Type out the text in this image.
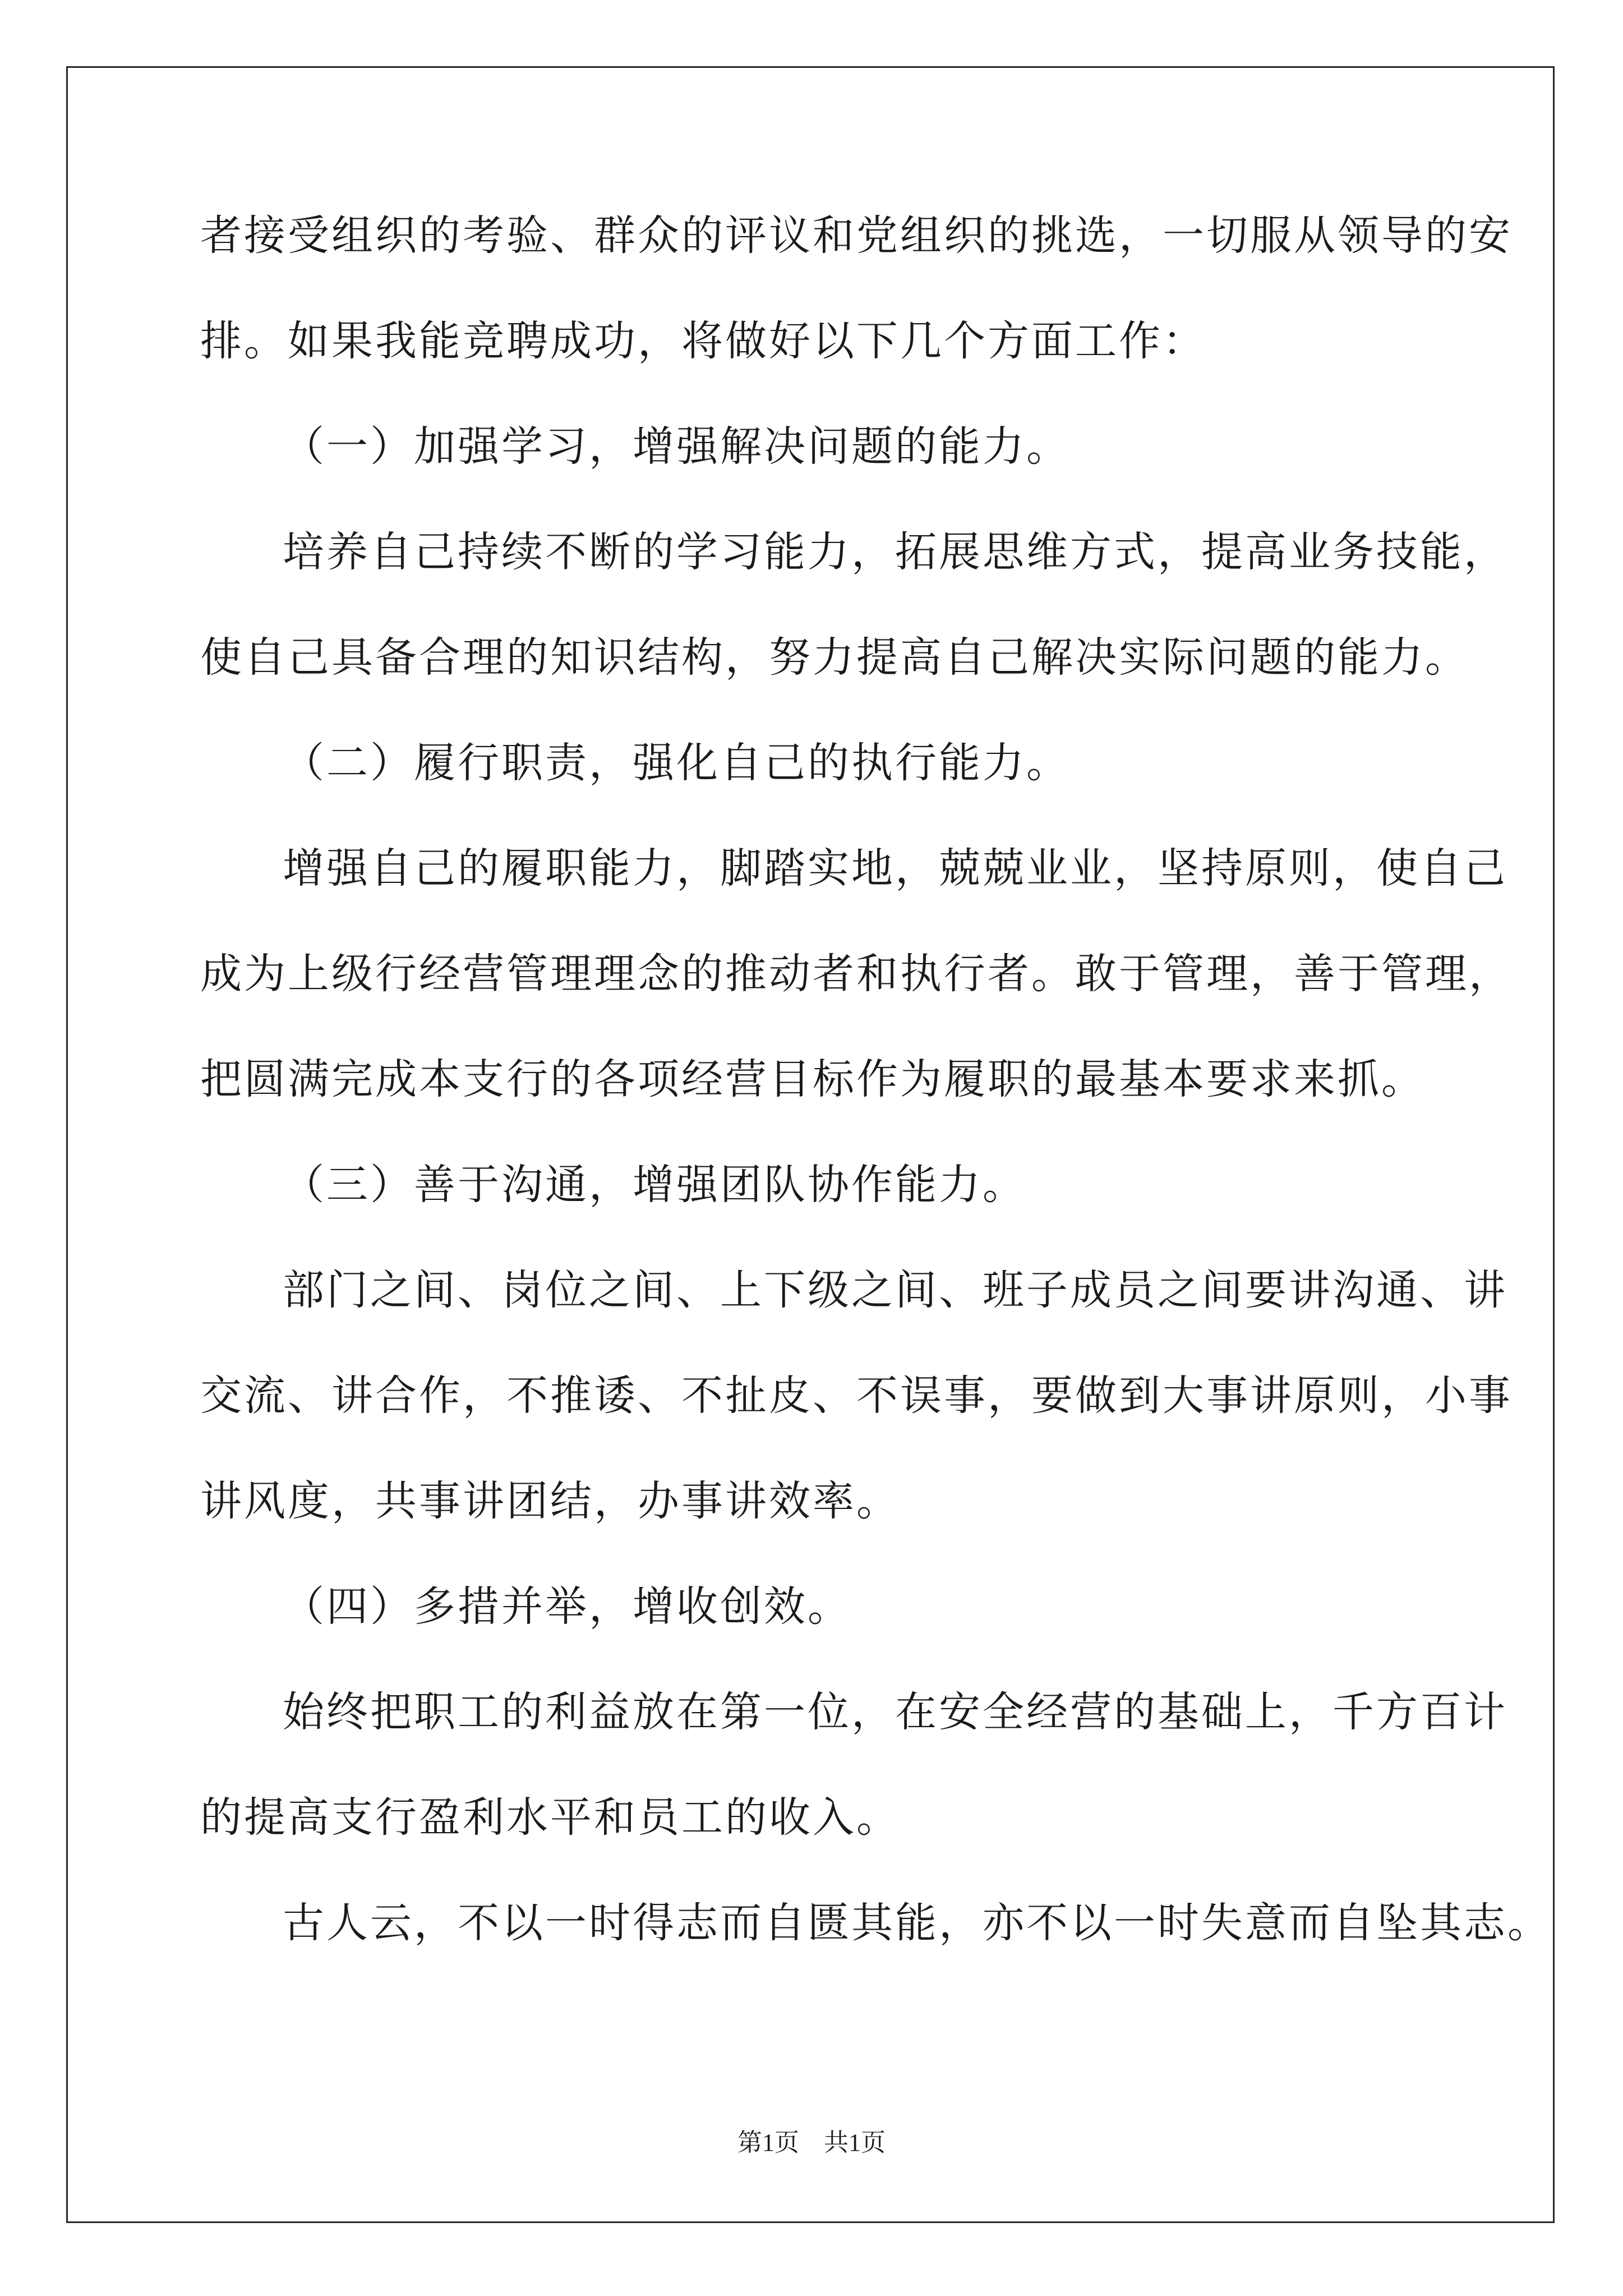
者接受组织的考验、群众的评议和党组织的挑选，一切服从领导的安
排。如果我能竞聘成功，将做好以下几个方面工作：
（一）加强学习，增强解决问题的能力。
培养自己持续不断的学习能力，拓展思维方式，提高业务技能，
使自己具备合理的知识结构，努力提高自己解决实际问题的能力。
（二）履行职责，强化自己的执行能力。
增强自己的履职能力，脚踏实地，兢兢业业，坚持原则，使自己
成为上级行经营管理理念的推动者和执行者。敢于管理，善于管理，
把圆满完成本支行的各项经营目标作为履职的最基本要求来抓。
（三）善于沟通，增强团队协作能力。
部门之间、岗位之间、上下级之间、班子成员之间要讲沟通、讲
交流、讲合作，不推诿、不扯皮、不误事，要做到大事讲原则，小事
讲风度，共事讲团结，办事讲效率。
（四）多措并举，增收创效。
始终把职工的利益放在第一位，在安全经营的基础上，千方百计
的提高支行盈利水平和员工的收入。
古人云，不以一时得志而自匮其能，亦不以一时失意而自坠其志。
第1页　共1页
